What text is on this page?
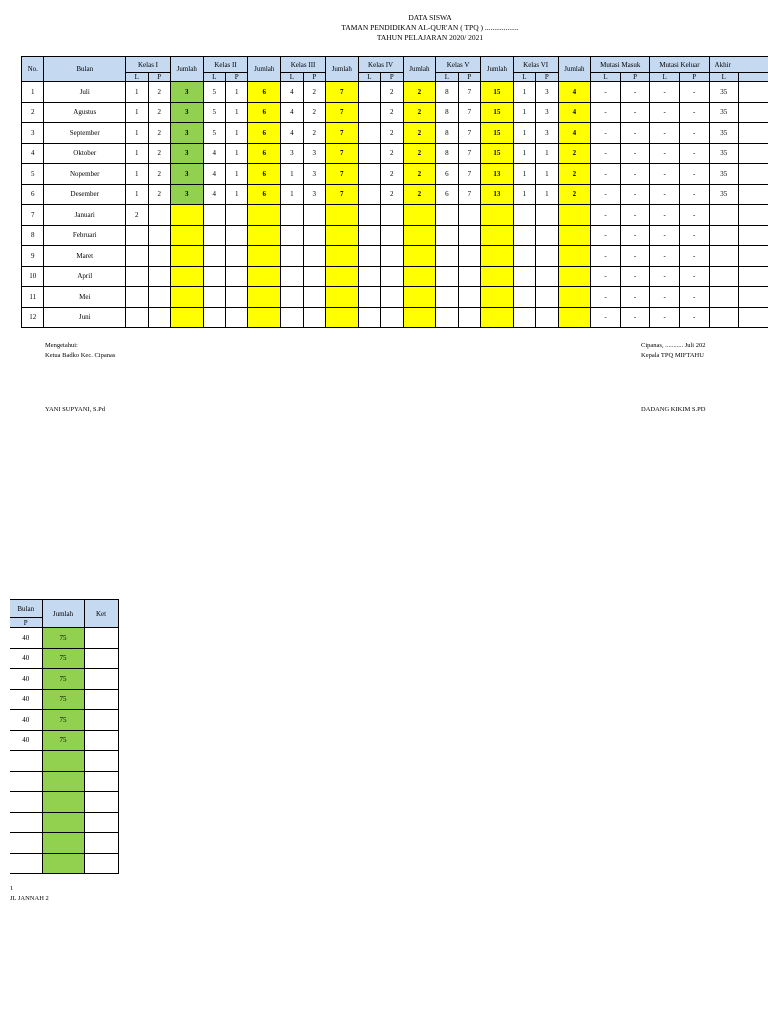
DATA SISWA
TAMAN PENDIDIKAN AL-QUR'AN ( TPQ ) ..................
TAHUN PELAJARAN 2020/ 2021
No.	Bulan	Kelas I		Jumlah	Kelas II		Jumlah	Kelas III		Jumlah	Kelas IV		Jumlah	Kelas V		Jumlah	Kelas VI		Jumlah	Mutasi Masuk		Mutasi Keluar		Akhir	
		L	P		L	P		L	P		L	P		L	P		L	P		L	P	L	P	L	
1	Juli	1	2	3	5	1	6	4	2	7		2	2	8	7	15	1	3	4	-	-	-	-	35	
2	Agustus	1	2	3	5	1	6	4	2	7		2	2	8	7	15	1	3	4	-	-	-	-	35	
3	September	1	2	3	5	1	6	4	2	7		2	2	8	7	15	1	3	4	-	-	-	-	35	
4	Oktober	1	2	3	4	1	6	3	3	7		2	2	8	7	15	1	1	2	-	-	-	-	35	
5	Nopember	1	2	3	4	1	6	1	3	7		2	2	6	7	13	1	1	2	-	-	-	-	35	
6	Desember	1	2	3	4	1	6	1	3	7		2	2	6	7	13	1	1	2	-	-	-	-	35	
7	Januari	2																		-	-	-	-		
8	Februari																			-	-	-	-		
9	Maret																			-	-	-	-		
10	April																			-	-	-	-		
11	Mei																			-	-	-	-		
12	Juni																			-	-	-	-		
Mengetahui:
Ketua Badko Kec. Cipanas
YANI SUPYANI, S.Pd
Cipanas, ........... Juli 202
Kepala TPQ MIFTAHU
DADANG KIKIM S.PD
Bulan	Jumlah	Ket
P		
40	75	
40	75	
40	75	
40	75	
40	75	
40	75	

1
JL JANNAH 2
